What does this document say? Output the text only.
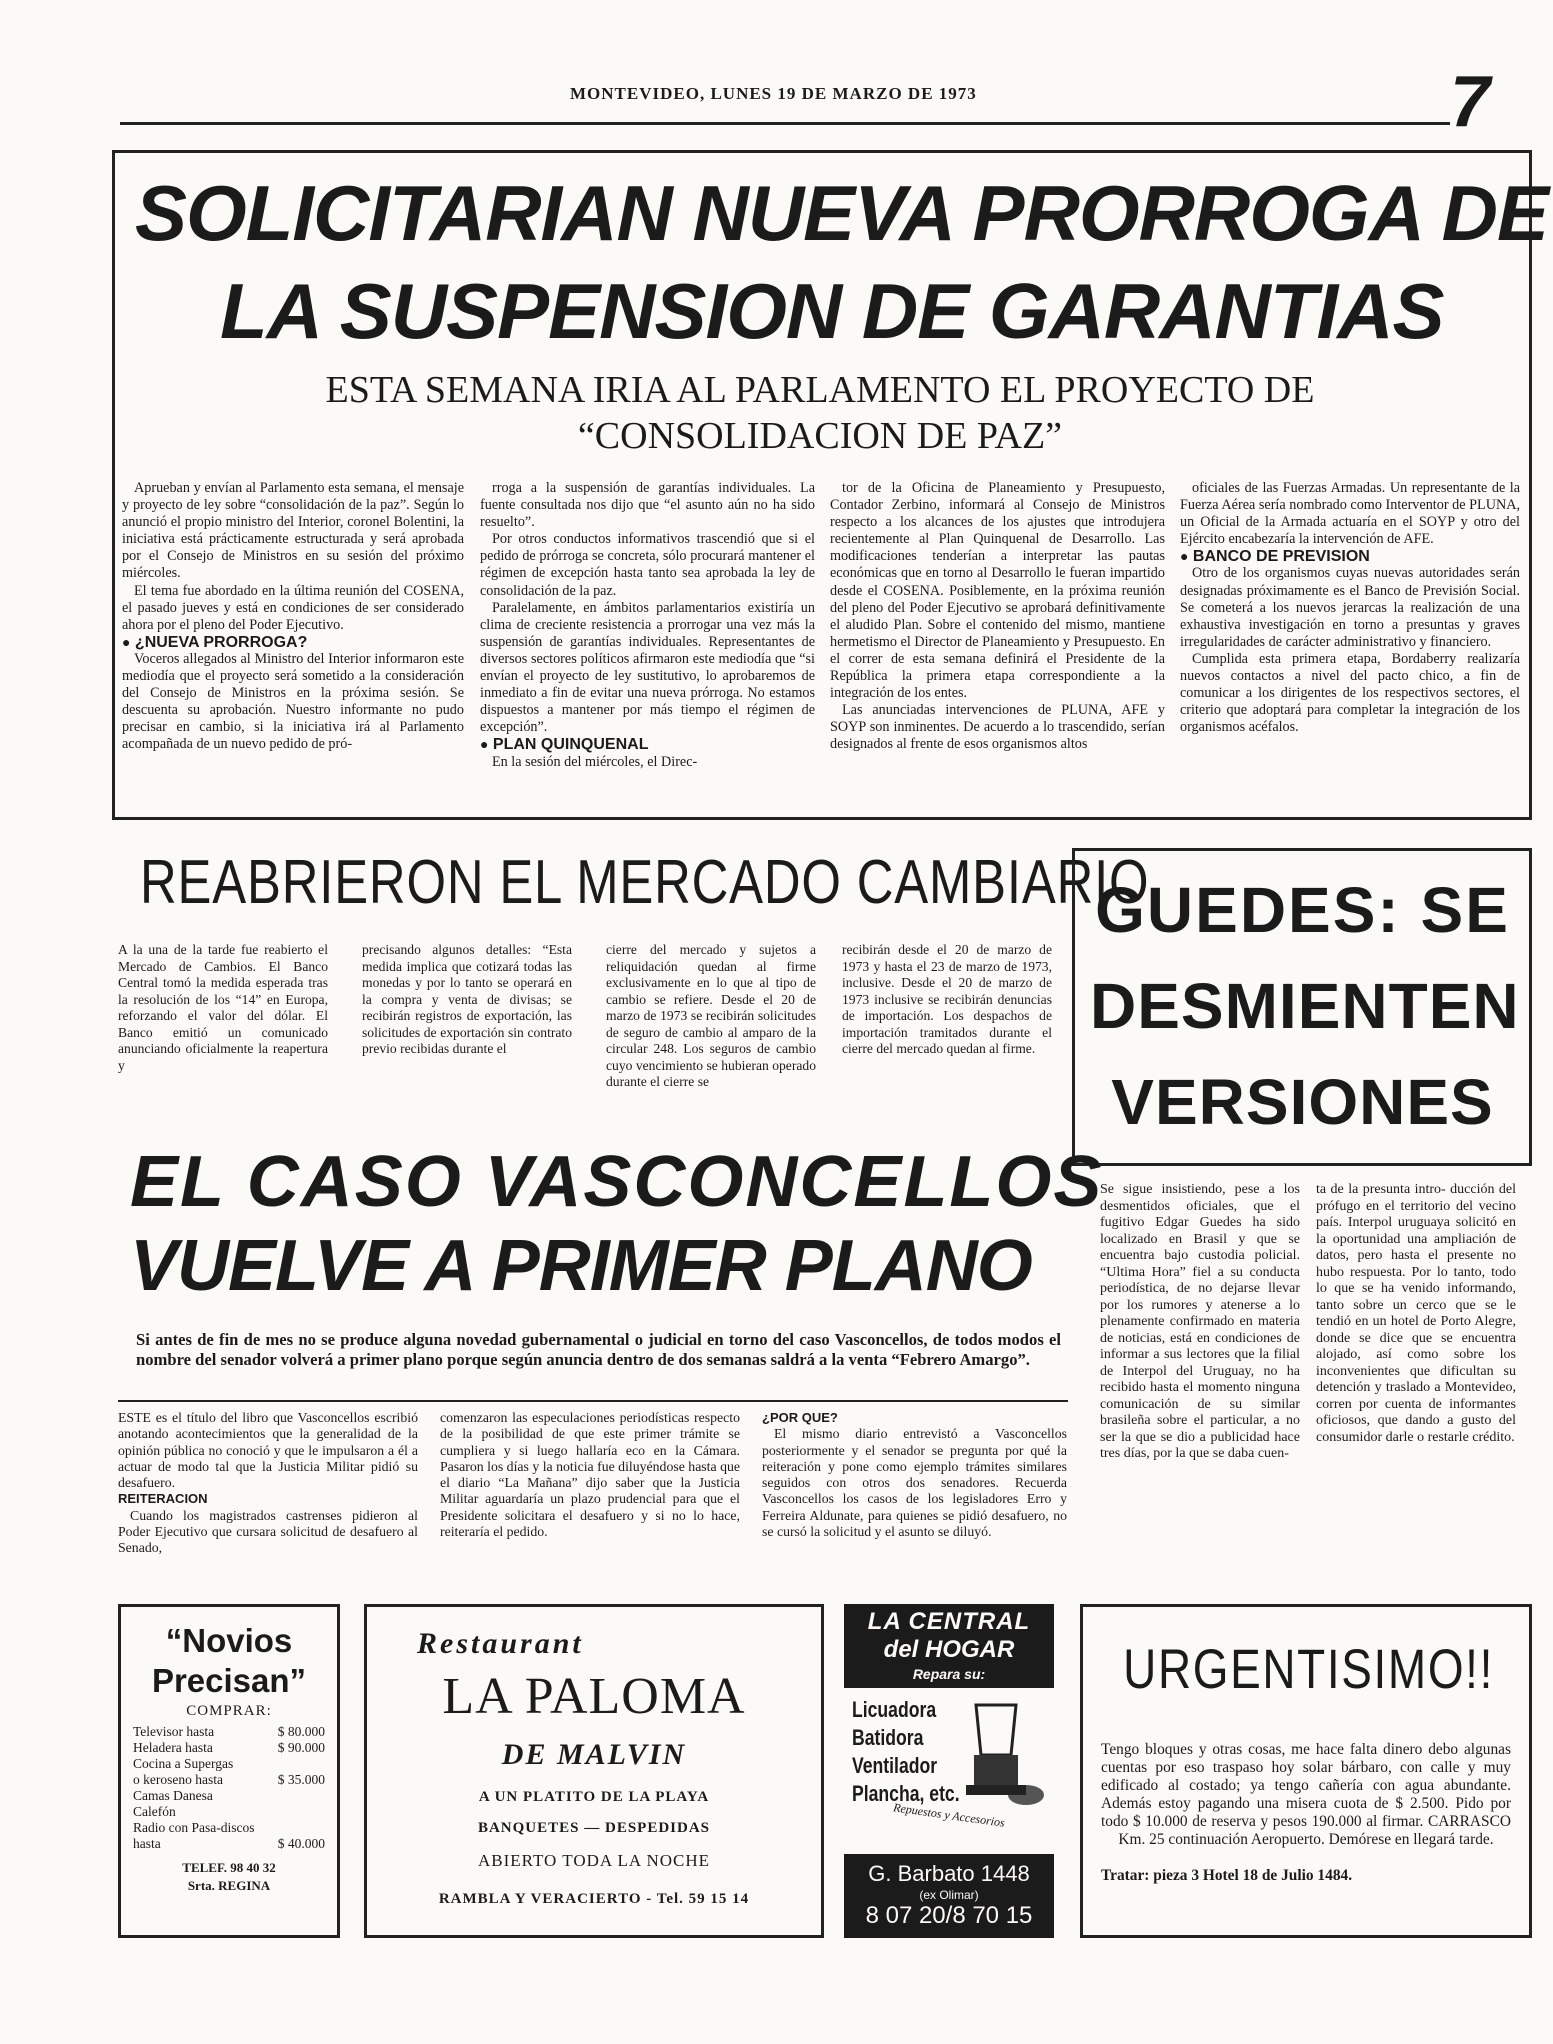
MONTEVIDEO, LUNES 19 DE MARZO DE 1973	7
SOLICITARIAN NUEVA PRORROGA DE
LA SUSPENSION DE GARANTIAS
ESTA SEMANA IRIA AL PARLAMENTO EL PROYECTO DE
“CONSOLIDACION DE PAZ”

Aprueban y envían al Parlamento esta semana, el mensaje y proyecto de ley sobre “consolidación de la paz”. Según lo anunció el propio ministro del Interior, coronel Bolentini, la iniciativa está prácticamente estructurada y será aprobada por el Consejo de Ministros en su sesión del próximo miércoles.

El tema fue abordado en la última reunión del COSENA, el pasado jueves y está en condiciones de ser considerado ahora por el pleno del Poder Ejecutivo.

● ¿NUEVA PRORROGA?

Voceros allegados al Ministro del Interior informaron este mediodía que el proyecto será sometido a la consideración del Consejo de Ministros en la próxima sesión. Se descuenta su aprobación. Nuestro informante no pudo precisar en cambio, si la iniciativa irá al Parlamento acompañada de un nuevo pedido de pró-

rroga a la suspensión de garantías individuales. La fuente consultada nos dijo que “el asunto aún no ha sido resuelto”.

Por otros conductos informativos trascendió que si el pedido de prórroga se concreta, sólo procurará mantener el régimen de excepción hasta tanto sea aprobada la ley de consolidación de la paz.

Paralelamente, en ámbitos parlamentarios existiría un clima de creciente resistencia a prorrogar una vez más la suspensión de garantías individuales. Representantes de diversos sectores políticos afirmaron este mediodía que “si envían el proyecto de ley sustitutivo, lo aprobaremos de inmediato a fin de evitar una nueva prórroga. No estamos dispuestos a mantener por más tiempo el régimen de excepción”.

● PLAN QUINQUENAL

En la sesión del miércoles, el Direc-

tor de la Oficina de Planeamiento y Presupuesto, Contador Zerbino, informará al Consejo de Ministros respecto a los alcances de los ajustes que introdujera recientemente al Plan Quinquenal de Desarrollo. Las modificaciones tenderían a interpretar las pautas económicas que en torno al Desarrollo le fueran impartido desde el COSENA. Posiblemente, en la próxima reunión del pleno del Poder Ejecutivo se aprobará definitivamente el aludido Plan. Sobre el contenido del mismo, mantiene hermetismo el Director de Planeamiento y Presupuesto. En el correr de esta semana definirá el Presidente de la República la primera etapa correspondiente a la integración de los entes.

Las anunciadas intervenciones de PLUNA, AFE y SOYP son inminentes. De acuerdo a lo trascendido, serían designados al frente de esos organismos altos

oficiales de las Fuerzas Armadas. Un representante de la Fuerza Aérea sería nombrado como Interventor de PLUNA, un Oficial de la Armada actuaría en el SOYP y otro del Ejército encabezaría la intervención de AFE.

● BANCO DE PREVISION

Otro de los organismos cuyas nuevas autoridades serán designadas próximamente es el Banco de Previsión Social. Se cometerá a los nuevos jerarcas la realización de una exhaustiva investigación en torno a presuntas y graves irregularidades de carácter administrativo y financiero.

Cumplida esta primera etapa, Bordaberry realizaría nuevos contactos a nivel del pacto chico, a fin de comunicar a los dirigentes de los respectivos sectores, el criterio que adoptará para completar la integración de los organismos acéfalos.

REABRIERON EL MERCADO CAMBIARIO
A la una de la tarde fue reabierto el Mercado de Cambios. El Banco Central tomó la medida esperada tras la resolución de los “14” en Europa, reforzando el valor del dólar. El Banco emitió un comunicado anunciando oficialmente la reapertura y
precisando algunos detalles: “Esta medida implica que cotizará todas las monedas y por lo tanto se operará en la compra y venta de divisas; se recibirán registros de exportación, las solicitudes de exportación sin contrato previo recibidas durante el
cierre del mercado y sujetos a reliquidación quedan al firme exclusivamente en lo que al tipo de cambio se refiere. Desde el 20 de marzo de 1973 se recibirán solicitudes de seguro de cambio al amparo de la circular 248. Los seguros de cambio cuyo vencimiento se hubieran operado durante el cierre se
recibirán desde el 20 de marzo de 1973 y hasta el 23 de marzo de 1973, inclusive. Desde el 20 de marzo de 1973 inclusive se recibirán denuncias de importación. Los despachos de importación tramitados durante el cierre del mercado quedan al firme.
GUEDES: SE
DESMIENTEN
VERSIONES
Se sigue insistiendo, pese a los desmentidos oficiales, que el fugitivo Edgar Guedes ha sido localizado en Brasil y que se encuentra bajo custodia policial. “Ultima Hora” fiel a su conducta periodística, de no dejarse llevar por los rumores y atenerse a lo plenamente confirmado en materia de noticias, está en condiciones de informar a sus lectores que la filial de Interpol del Uruguay, no ha recibido hasta el momento ninguna comunicación de su similar brasileña sobre el particular, a no ser la que se dio a publicidad hace tres días, por la que se daba cuen-
ta de la presunta intro- ducción del prófugo en el territorio del vecino país. Interpol uruguaya solicitó en la oportunidad una ampliación de datos, pero hasta el presente no hubo respuesta. Por lo tanto, todo lo que se ha venido informando, tanto sobre un cerco que se le tendió en un hotel de Porto Alegre, donde se dice que se encuentra alojado, así como sobre los inconvenientes que dificultan su detención y traslado a Montevideo, corren por cuenta de informantes oficiosos, que dando a gusto del consumidor darle o restarle crédito.
EL CASO VASCONCELLOS
VUELVE A PRIMER PLANO
Si antes de fin de mes no se produce alguna novedad gubernamental o judicial en torno del caso Vasconcellos, de todos modos el nombre del senador volverá a primer plano porque según anuncia dentro de dos semanas saldrá a la venta “Febrero Amargo”.

ESTE es el título del libro que Vasconcellos escribió anotando acontecimientos que la generalidad de la opinión pública no conoció y que le impulsaron a él a actuar de modo tal que la Justicia Militar pidió su desafuero.

REITERACION

Cuando los magistrados castrenses pidieron al Poder Ejecutivo que cursara solicitud de desafuero al Senado,

comenzaron las especulaciones periodísticas respecto de la posibilidad de que este primer trámite se cumpliera y si luego hallaría eco en la Cámara. Pasaron los días y la noticia fue diluyéndose hasta que el diario “La Mañana” dijo saber que la Justicia Militar aguardaría un plazo prudencial para que el Presidente solicitara el desafuero y si no lo hace, reiteraría el pedido.

¿POR QUE?

El mismo diario entrevistó a Vasconcellos posteriormente y el senador se pregunta por qué la reiteración y pone como ejemplo trámites similares seguidos con otros dos senadores. Recuerda Vasconcellos los casos de los legisladores Erro y Ferreira Aldunate, para quienes se pidió desafuero, no se cursó la solicitud y el asunto se diluyó.

“Novios
Precisan”
COMPRAR:
Televisor hasta	$ 80.000
Heladera hasta	$ 90.000
Cocina a Supergas
o keroseno hasta	$ 35.000
Camas Danesa
Calefón
Radio con Pasa-discos
hasta	$ 40.000
TELEF. 98 40 32
Srta. REGINA
Restaurant
LA PALOMA
DE MALVIN
A UN PLATITO DE LA PLAYA
BANQUETES — DESPEDIDAS
ABIERTO TODA LA NOCHE
RAMBLA Y VERACIERTO - Tel. 59 15 14
LA CENTRAL
del HOGAR
Repara su:
Licuadora
Batidora
Ventilador
Plancha, etc.
Repuestos y Accesorios
G. Barbato 1448
(ex Olimar)
8 07 20/8 70 15
URGENTISIMO!!
Tengo bloques y otras cosas, me hace falta dinero debo algunas cuentas por eso traspaso hoy solar bárbaro, con calle y muy edificado al costado; ya tengo cañería con agua abundante. Además estoy pagando una misera cuota de $ 2.500. Pido por todo $ 10.000 de reserva y pesos 190.000 al firmar. CARRASCO Km. 25 continuación Aeropuerto. Demórese en llegará tarde.
Tratar: pieza 3 Hotel 18 de Julio 1484.
